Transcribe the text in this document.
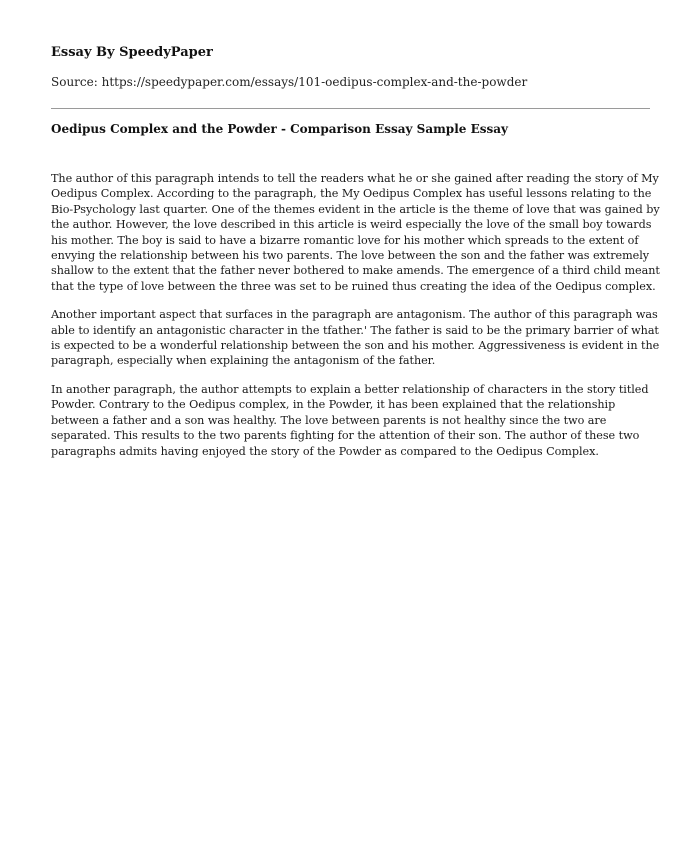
Essay By SpeedyPaper
Source: https://speedypaper.com/essays/101-oedipus-complex-and-the-powder
Oedipus Complex and the Powder - Comparison Essay Sample Essay

The author of this paragraph intends to tell the readers what he or she gained after reading the story of My Oedipus Complex. According to the paragraph, the My Oedipus Complex has useful lessons relating to the Bio-Psychology last quarter. One of the themes evident in the article is the theme of love that was gained by the author. However, the love described in this article is weird especially the love of the small boy towards his mother. The boy is said to have a bizarre romantic love for his mother which spreads to the extent of envying the relationship between his two parents. The love between the son and the father was extremely shallow to the extent that the father never bothered to make amends. The emergence of a third child meant that the type of love between the three was set to be ruined thus creating the idea of the Oedipus complex.

Another important aspect that surfaces in the paragraph are antagonism. The author of this paragraph was able to identify an antagonistic character in the tfather.' The father is said to be the primary barrier of what is expected to be a wonderful relationship between the son and his mother. Aggressiveness is evident in the paragraph, especially when explaining the antagonism of the father.

In another paragraph, the author attempts to explain a better relationship of characters in the story titled Powder. Contrary to the Oedipus complex, in the Powder, it has been explained that the relationship between a father and a son was healthy. The love between parents is not healthy since the two are separated. This results to the two parents fighting for the attention of their son. The author of these two paragraphs admits having enjoyed the story of the Powder as compared to the Oedipus Complex.
